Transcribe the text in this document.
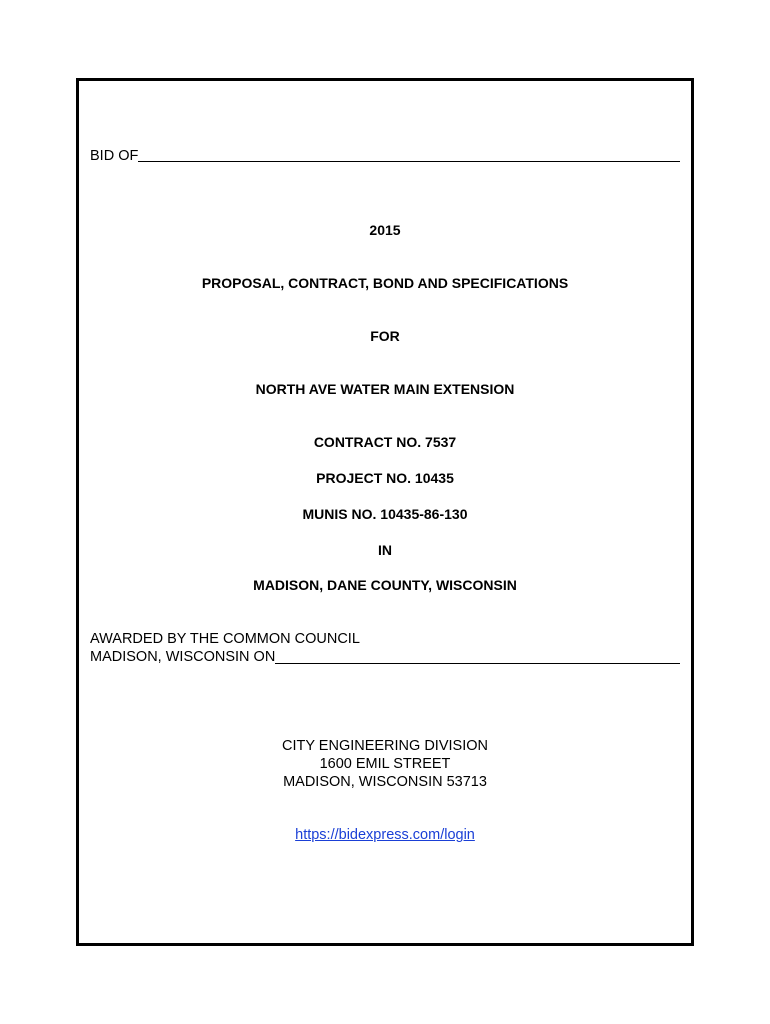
BID OF
2015
PROPOSAL, CONTRACT, BOND AND SPECIFICATIONS
FOR
NORTH AVE WATER MAIN EXTENSION
CONTRACT NO. 7537
PROJECT NO. 10435
MUNIS NO. 10435-86-130
IN
MADISON, DANE COUNTY, WISCONSIN
AWARDED BY THE COMMON COUNCIL
MADISON, WISCONSIN ON
CITY ENGINEERING DIVISION
1600 EMIL STREET
MADISON, WISCONSIN 53713
https://bidexpress.com/login
